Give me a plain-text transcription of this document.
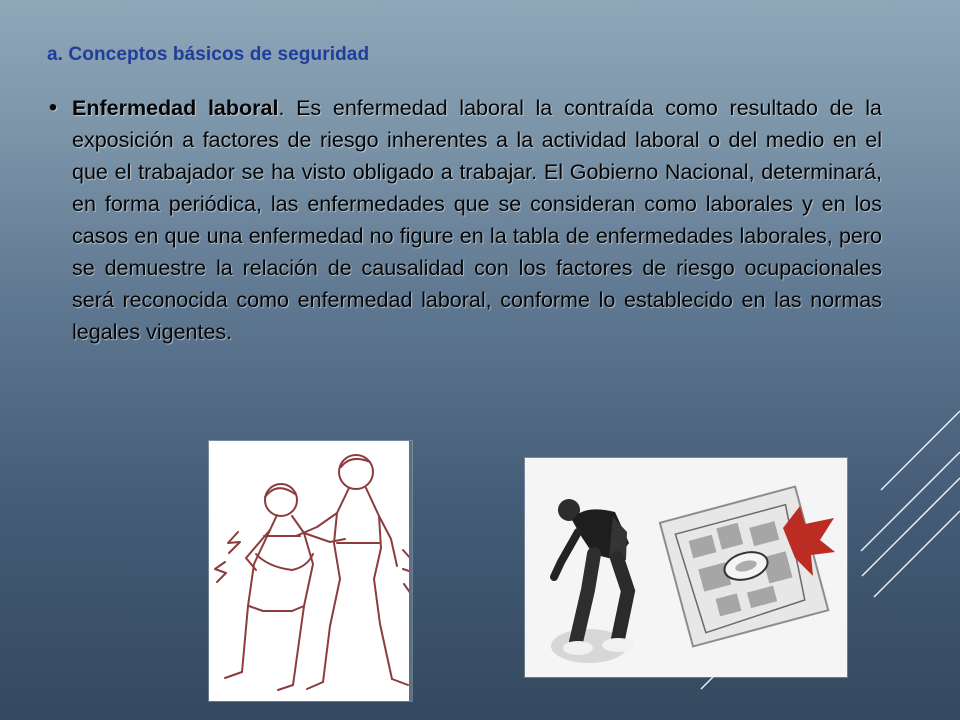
a. Conceptos básicos de seguridad
• Enfermedad laboral. Es enfermedad laboral la contraída como resultado de la exposición a factores de riesgo inherentes a la actividad laboral o del medio en el que el trabajador se ha visto obligado a trabajar. El Gobierno Nacional, determinará, en forma periódica, las enfermedades que se consideran como laborales y en los casos en que una enfermedad no figure en la tabla de enfermedades laborales, pero se demuestre la relación de causalidad con los factores de riesgo ocupacionales será reconocida como enfermedad laboral, conforme lo establecido en las normas legales vigentes.
